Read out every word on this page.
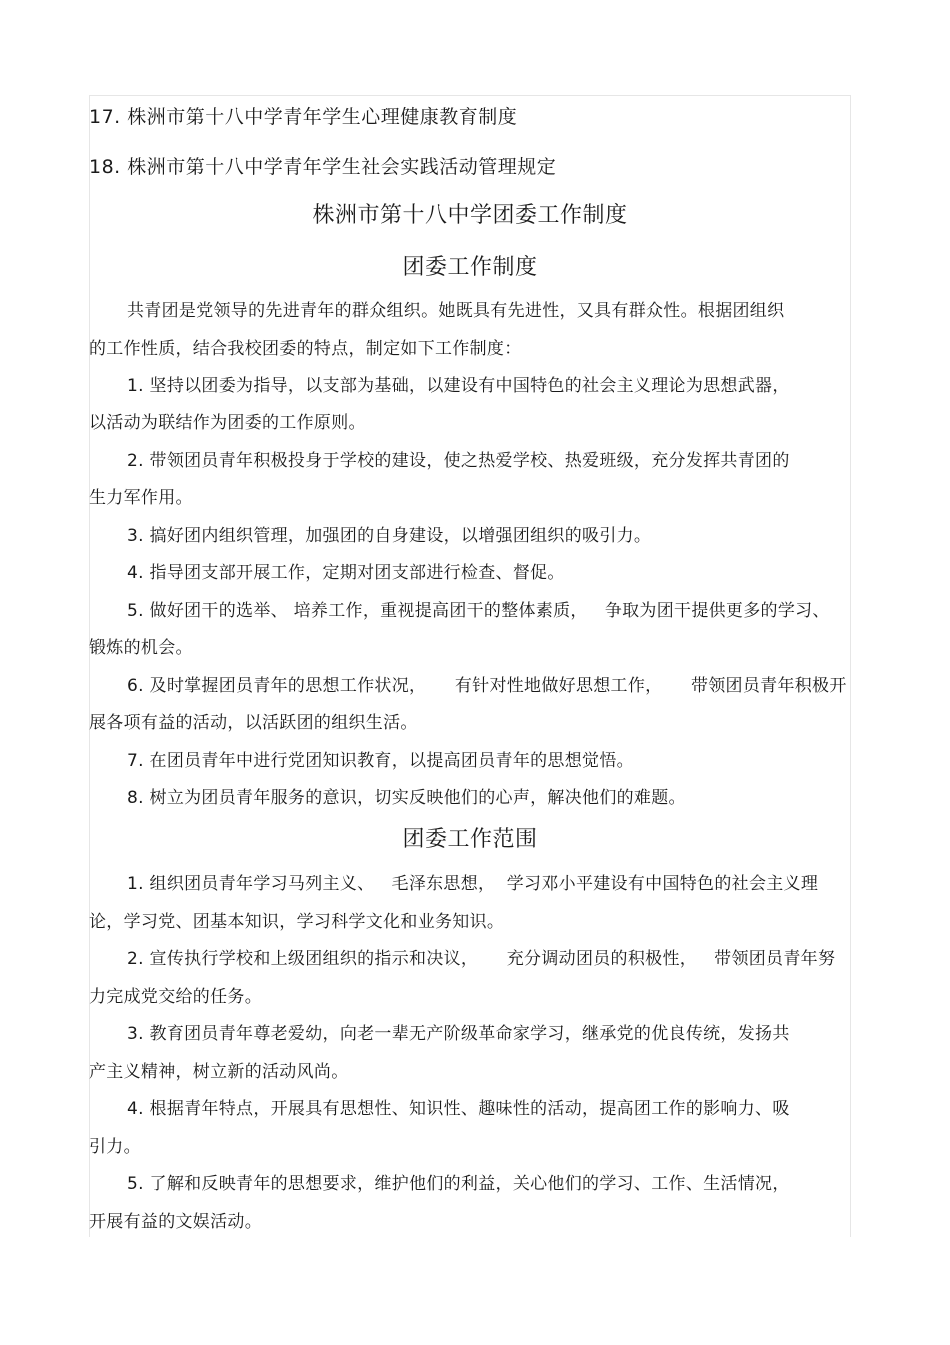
17. 株洲市第十八中学青年学生心理健康教育制度
18. 株洲市第十八中学青年学生社会实践活动管理规定
株洲市第十八中学团委工作制度
团委工作制度
共青团是党领导的先进青年的群众组织。她既具有先进性，又具有群众性。根据团组织
的工作性质，结合我校团委的特点，制定如下工作制度：
1. 坚持以团委为指导，以支部为基础，以建设有中国特色的社会主义理论为思想武器，
以活动为联结作为团委的工作原则。
2. 带领团员青年积极投身于学校的建设，使之热爱学校、热爱班级，充分发挥共青团的
生力军作用。
3. 搞好团内组织管理，加强团的自身建设，以增强团组织的吸引力。
4. 指导团支部开展工作，定期对团支部进行检查、督促。
5. 做好团干的选举、 培养工作，重视提高团干的整体素质，   争取为团干提供更多的学习、
锻炼的机会。
6. 及时掌握团员青年的思想工作状况，     有针对性地做好思想工作，     带领团员青年积极开
展各项有益的活动，以活跃团的组织生活。
7. 在团员青年中进行党团知识教育，以提高团员青年的思想觉悟。
8. 树立为团员青年服务的意识，切实反映他们的心声，解决他们的难题。
团委工作范围
1. 组织团员青年学习马列主义、   毛泽东思想，  学习邓小平建设有中国特色的社会主义理
论，学习党、团基本知识，学习科学文化和业务知识。
2. 宣传执行学校和上级团组织的指示和决议，     充分调动团员的积极性，   带领团员青年努
力完成党交给的任务。
3. 教育团员青年尊老爱幼，向老一辈无产阶级革命家学习，继承党的优良传统，发扬共
产主义精神，树立新的活动风尚。
4. 根据青年特点，开展具有思想性、知识性、趣味性的活动，提高团工作的影响力、吸
引力。
5. 了解和反映青年的思想要求，维护他们的利益，关心他们的学习、工作、生活情况，
开展有益的文娱活动。
